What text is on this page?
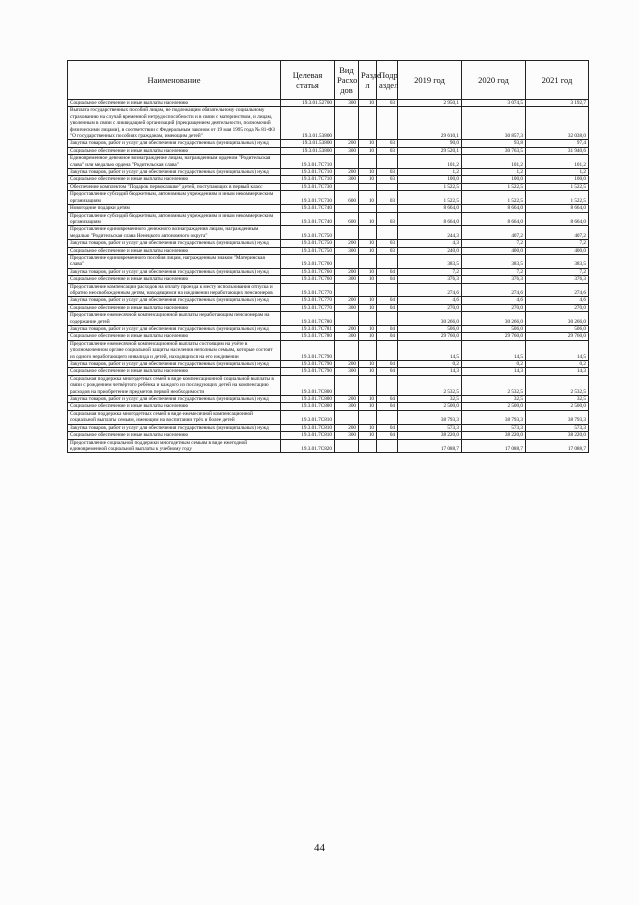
Наименование	Целевая статья	Вид Расхо дов	Разде л	Подр аздел	2019 год	2020 год	2021 год
Социальное обеспечение и иные выплаты населению	19.3.01.52700	300	10	03	2 950,1	3 074,5	3 192,7
Выплата государственных пособий лицам, не подлежащим обязательному социальному страхованию на случай временной нетрудоспособности и в связи с материнством, и лицам, уволенным в связи с ликвидацией организаций (прекращением деятельности, полномочий физическими лицами), в соответствии с Федеральным законом от 19 мая 1995 года № 81-ФЗ "О государственных пособиях гражданам, имеющим детей"	19.3.01.53800				29 610,1	30 857,3	32 038,0
Закупка товаров, работ и услуг для обеспечения государственных (муниципальных) нужд	19.3.01.53800	200	10	03	90,0	93,8	97,4
Социальное обеспечение и иные выплаты населению	19.3.01.53800	300	10	03	29 520,1	30 763,5	31 940,6
Единовременное денежное вознаграждение лицам, награжденным орденом "Родительская слава" или медалью ордена "Родительская слава"	19.3.01.7С710				101,2	101,2	101,2
Закупка товаров, работ и услуг для обеспечения государственных (муниципальных) нужд	19.3.01.7С710	200	10	03	1,2	1,2	1,2
Социальное обеспечение и иные выплаты населению	19.3.01.7С710	300	10	03	100,0	100,0	100,0
Обеспечение комплектом "Подарок первоклашке" детей, поступающих в первый класс	19.3.01.7С730				1 522,5	1 522,5	1 522,5
Предоставление субсидий бюджетным, автономным учреждениям и иным некоммерческим организациям	19.3.01.7С730	600	10	03	1 522,5	1 522,5	1 522,5
Новогодние подарки детям	19.3.01.7С740				8 664,0	8 664,0	8 664,0
Предоставление субсидий бюджетным, автономным учреждениям и иным некоммерческим организациям	19.3.01.7С740	600	10	03	8 664,0	8 664,0	8 664,0
Предоставление единовременного денежного вознаграждения лицам, награжденным медалью "Родительская слава Ненецкого автономного округа"	19.3.01.7С750				244,3	407,2	407,2
Закупка товаров, работ и услуг для обеспечения государственных (муниципальных) нужд	19.3.01.7С750	200	10	03	4,3	7,2	7,2
Социальное обеспечение и иные выплаты населению	19.3.01.7С750	300	10	03	240,0	400,0	400,0
Предоставление единовременного пособия лицам, награжденным знаком "Материнская слава"	19.3.01.7С760				383,5	383,5	383,5
Закупка товаров, работ и услуг для обеспечения государственных (муниципальных) нужд	19.3.01.7С760	200	10	04	7,2	7,2	7,2
Социальное обеспечение и иные выплаты населению	19.3.01.7С760	300	10	04	376,3	376,3	376,3
Предоставление компенсации расходов на оплату проезда к месту использования отпуска и обратно неосвобожденным детям, находящимся на иждивении неработающих пенсионеров	19.3.01.7С770				274,6	274,6	274,6
Закупка товаров, работ и услуг для обеспечения государственных (муниципальных) нужд	19.3.01.7С770	200	10	04	4,6	4,6	4,6
Социальное обеспечение и иные выплаты населению	19.3.01.7С770	300	10	04	270,0	270,0	270,0
Предоставление ежемесячной компенсационной выплаты неработающим пенсионерам на содержание детей	19.3.01.7С780				30 266,0	30 266,0	30 266,0
Закупка товаров, работ и услуг для обеспечения государственных (муниципальных) нужд	19.3.01.7С781	200	10	04	506,0	506,0	506,0
Социальное обеспечение и иные выплаты населению	19.3.01.7С780	300	10	04	29 760,0	29 760,0	29 760,0
Предоставление ежемесячной компенсационной выплаты состоящим на учёте в уполномоченном органе социальной защиты населения неполным семьям, которые состоят из одного неработающего инвалида и детей, находящихся на его иждивении	19.3.01.7С790				14,5	14,5	14,5
Закупка товаров, работ и услуг для обеспечения государственных (муниципальных) нужд	19.3.01.7С790	200	10	04	0,2	0,2	0,2
Социальное обеспечение и иные выплаты населению	19.3.01.7С790	300	10	04	14,3	14,3	14,3
Социальная поддержка многодетных семей в виде компенсационной социальной выплаты в связи с рождением четвёртого ребёнка и каждого из последующих детей на компенсацию расходов на приобретение предметов первой необходимости	19.3.01.7С800				2 532,5	2 532,5	2 532,5
Закупка товаров, работ и услуг для обеспечения государственных (муниципальных) нужд	19.3.01.7С800	200	10	04	32,5	32,5	32,5
Социальное обеспечение и иные выплаты населению	19.3.01.7С800	300	10	04	2 500,0	2 500,0	2 500,0
Социальная поддержка многодетных семей в виде ежемесячной компенсационной социальной выплаты семьям, имеющим на воспитании трёх и более детей	19.3.01.7С810				38 793,3	38 793,3	38 793,3
Закупка товаров, работ и услуг для обеспечения государственных (муниципальных) нужд	19.3.01.7С810	200	10	04	573,3	573,3	573,3
Социальное обеспечение и иные выплаты населению	19.3.01.7С810	300	10	04	38 220,0	38 220,0	38 220,0
Предоставление социальной поддержки многодетным семьям в виде ежегодной единовременной социальной выплаты к учебному году	19.3.01.7С820				17 088,7	17 088,7	17 088,7
44
